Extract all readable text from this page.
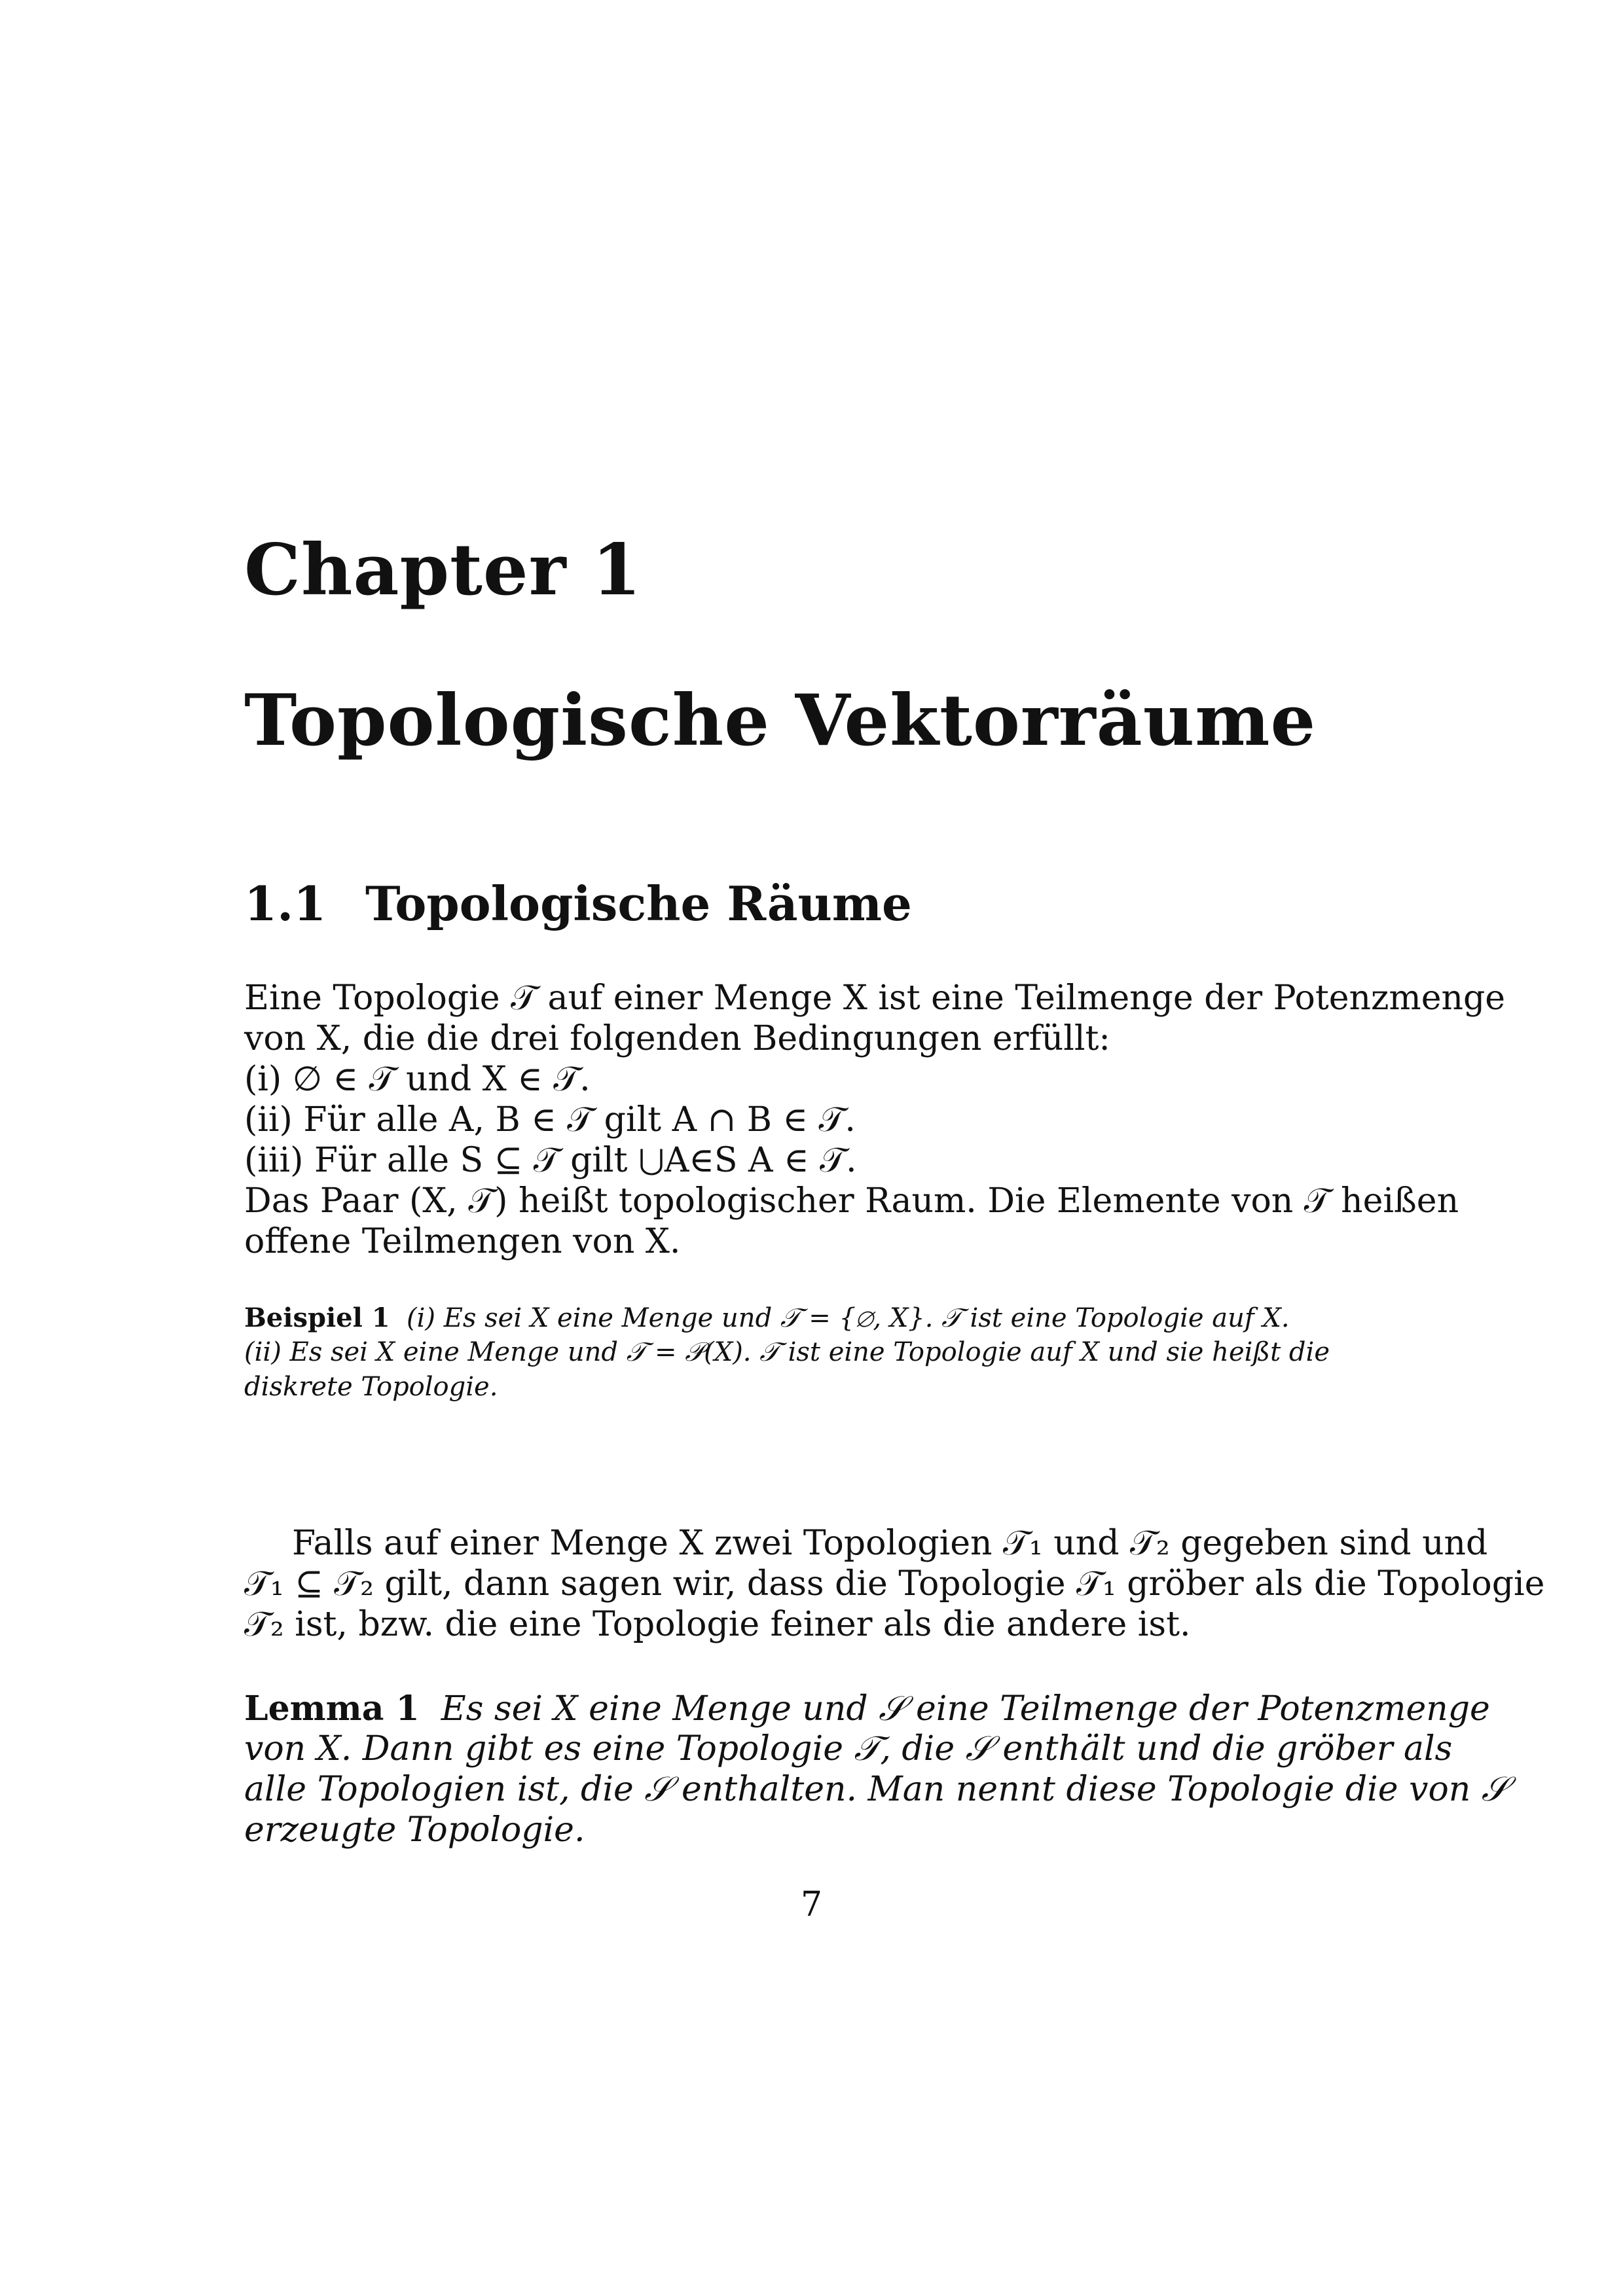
Chapter 1
Topologische Vektorräume
1.1 Topologische Räume
Eine Topologie 𝒯 auf einer Menge X ist eine Teilmenge der Potenzmenge
von X, die die drei folgenden Bedingungen erfüllt:
(i) ∅ ∈ 𝒯 und X ∈ 𝒯.
(ii) Für alle A, B ∈ 𝒯 gilt A ∩ B ∈ 𝒯.
(iii) Für alle S ⊆ 𝒯 gilt ⋃A∈S A ∈ 𝒯.
Das Paar (X, 𝒯) heißt topologischer Raum. Die Elemente von 𝒯 heißen
offene Teilmengen von X.
Beispiel 1 (i) Es sei X eine Menge und 𝒯 = {∅, X}. 𝒯 ist eine Topologie auf X.
(ii) Es sei X eine Menge und 𝒯 = 𝒫(X). 𝒯 ist eine Topologie auf X und sie heißt die
diskrete Topologie.
Falls auf einer Menge X zwei Topologien 𝒯₁ und 𝒯₂ gegeben sind und
𝒯₁ ⊆ 𝒯₂ gilt, dann sagen wir, dass die Topologie 𝒯₁ gröber als die Topologie
𝒯₂ ist, bzw. die eine Topologie feiner als die andere ist.
Lemma 1 Es sei X eine Menge und 𝒮 eine Teilmenge der Potenzmenge
von X. Dann gibt es eine Topologie 𝒯, die 𝒮 enthält und die gröber als
alle Topologien ist, die 𝒮 enthalten. Man nennt diese Topologie die von 𝒮
erzeugte Topologie.
7
